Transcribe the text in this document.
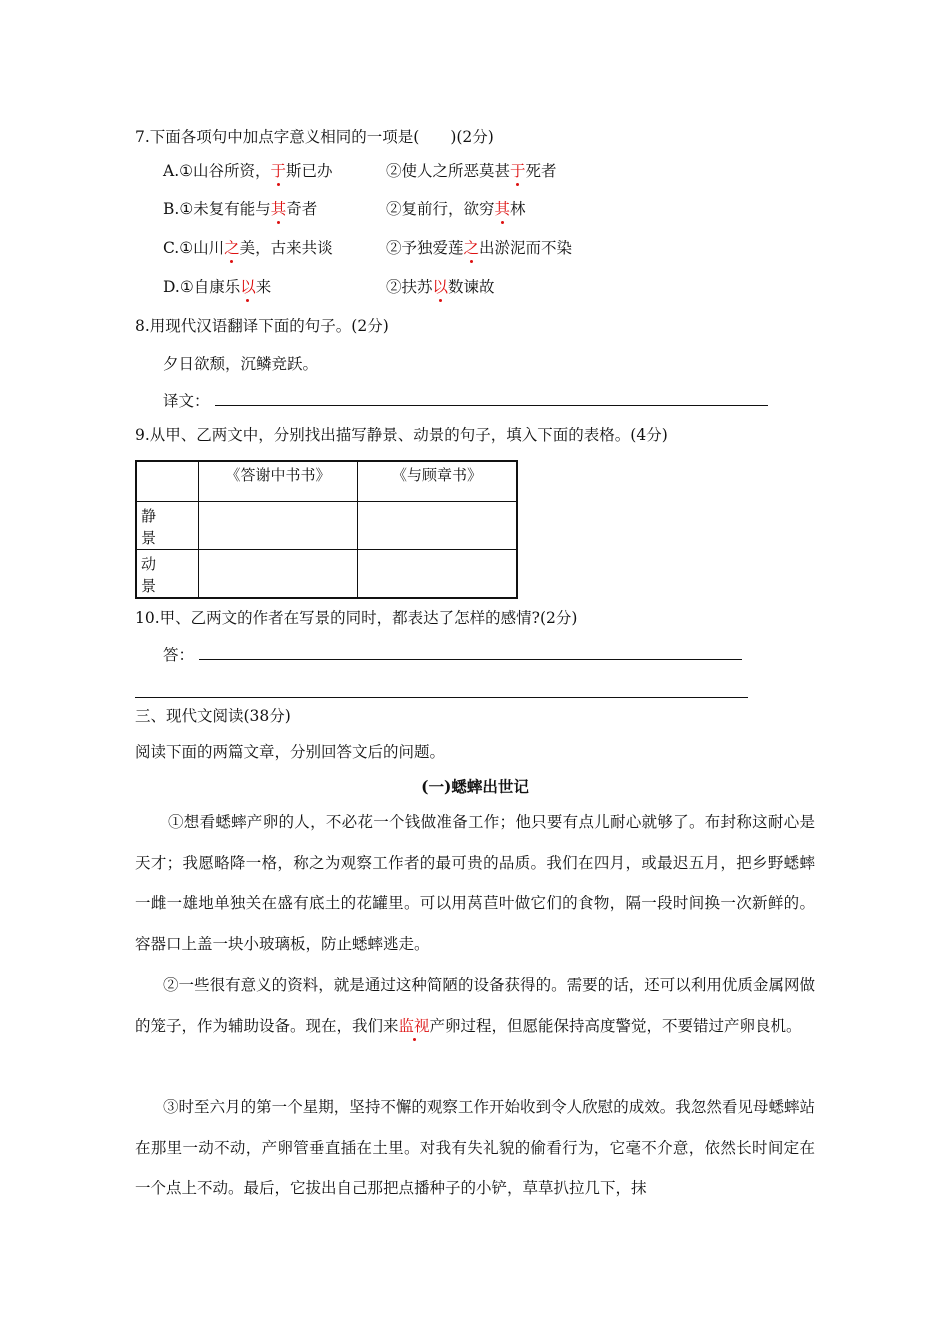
7.下面各项句中加点字意义相同的一项是(　　)(2分)
A.①山谷所资，于斯已办	②使人之所恶莫甚于死者
B.①未复有能与其奇者	②复前行，欲穷其林
C.①山川之美，古来共谈	②予独爱莲之出淤泥而不染
D.①自康乐以来	②扶苏以数谏故
8.用现代汉语翻译下面的句子。(2分)
夕日欲颓，沉鳞竞跃。
译文：
9.从甲、乙两文中，分别找出描写静景、动景的句子，填入下面的表格。(4分)
	《答谢中书书》	《与顾章书》
静景		
动景		
10.甲、乙两文的作者在写景的同时，都表达了怎样的感情?(2分)
答：
三、现代文阅读(38分)
阅读下面的两篇文章，分别回答文后的问题。
(一)蟋蟀出世记
①想看蟋蟀产卵的人，不必花一个钱做准备工作；他只要有点儿耐心就够了。布封称这耐心是天才；我愿略降一格，称之为观察工作者的最可贵的品质。我们在四月，或最迟五月，把乡野蟋蟀一雌一雄地单独关在盛有底土的花罐里。可以用莴苣叶做它们的食物，隔一段时间换一次新鲜的。容器口上盖一块小玻璃板，防止蟋蟀逃走。
②一些很有意义的资料，就是通过这种简陋的设备获得的。需要的话，还可以利用优质金属网做的笼子，作为辅助设备。现在，我们来监视产卵过程，但愿能保持高度警觉，不要错过产卵良机。
③时至六月的第一个星期，坚持不懈的观察工作开始收到令人欣慰的成效。我忽然看见母蟋蟀站在那里一动不动，产卵管垂直插在土里。对我有失礼貌的偷看行为，它毫不介意，依然长时间定在一个点上不动。最后，它拔出自己那把点播种子的小铲，草草扒拉几下，抹
